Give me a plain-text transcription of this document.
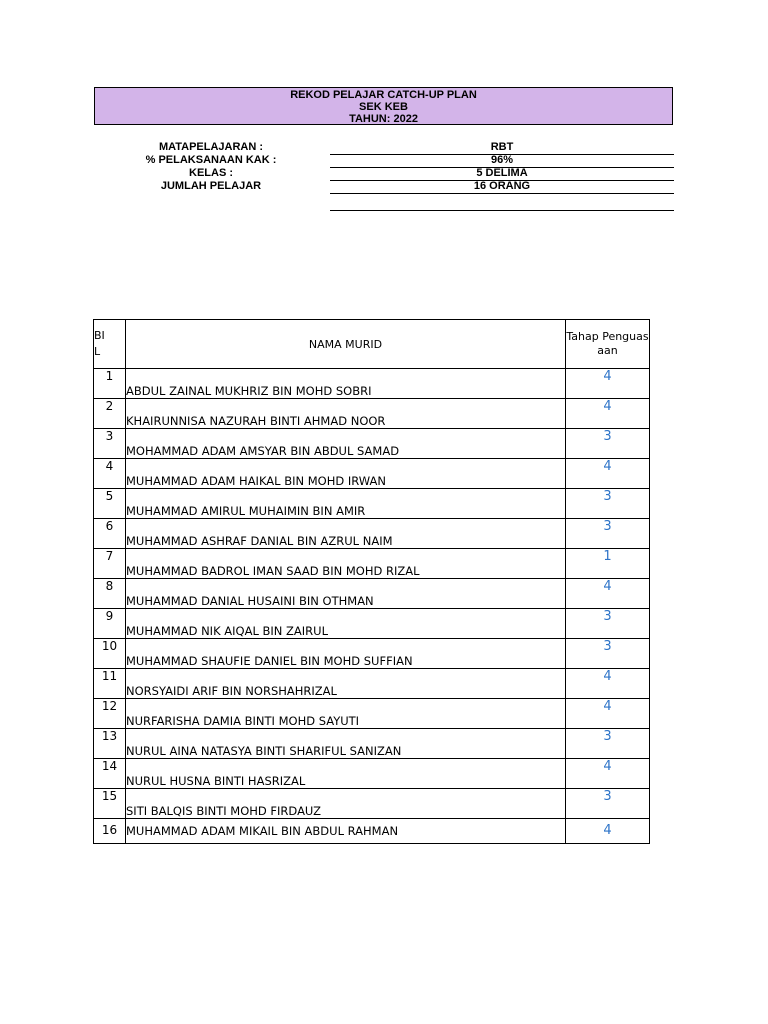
REKOD PELAJAR CATCH-UP PLAN
SEK KEB
TAHUN: 2022
MATAPELAJARAN :	RBT
% PELAKSANAAN KAK :	96%
KELAS :	5 DELIMA
JUMLAH PELAJAR	16 ORANG
BI
L	NAMA MURID	Tahap Penguasaan
1	ABDUL ZAINAL MUKHRIZ BIN MOHD SOBRI	4
2	KHAIRUNNISA NAZURAH BINTI AHMAD NOOR	4
3	MOHAMMAD ADAM AMSYAR BIN ABDUL SAMAD	3
4	MUHAMMAD ADAM HAIKAL BIN MOHD IRWAN	4
5	MUHAMMAD AMIRUL MUHAIMIN BIN AMIR	3
6	MUHAMMAD ASHRAF DANIAL BIN AZRUL NAIM	3
7	MUHAMMAD BADROL IMAN SAAD BIN MOHD RIZAL	1
8	MUHAMMAD DANIAL HUSAINI BIN OTHMAN	4
9	MUHAMMAD NIK AIQAL BIN ZAIRUL	3
10	MUHAMMAD SHAUFIE DANIEL BIN MOHD SUFFIAN	3
11	NORSYAIDI ARIF BIN NORSHAHRIZAL	4
12	NURFARISHA DAMIA BINTI MOHD SAYUTI	4
13	NURUL AINA NATASYA BINTI SHARIFUL SANIZAN	3
14	NURUL HUSNA BINTI HASRIZAL	4
15	SITI BALQIS BINTI MOHD FIRDAUZ	3
16	MUHAMMAD ADAM MIKAIL BIN ABDUL RAHMAN	4
